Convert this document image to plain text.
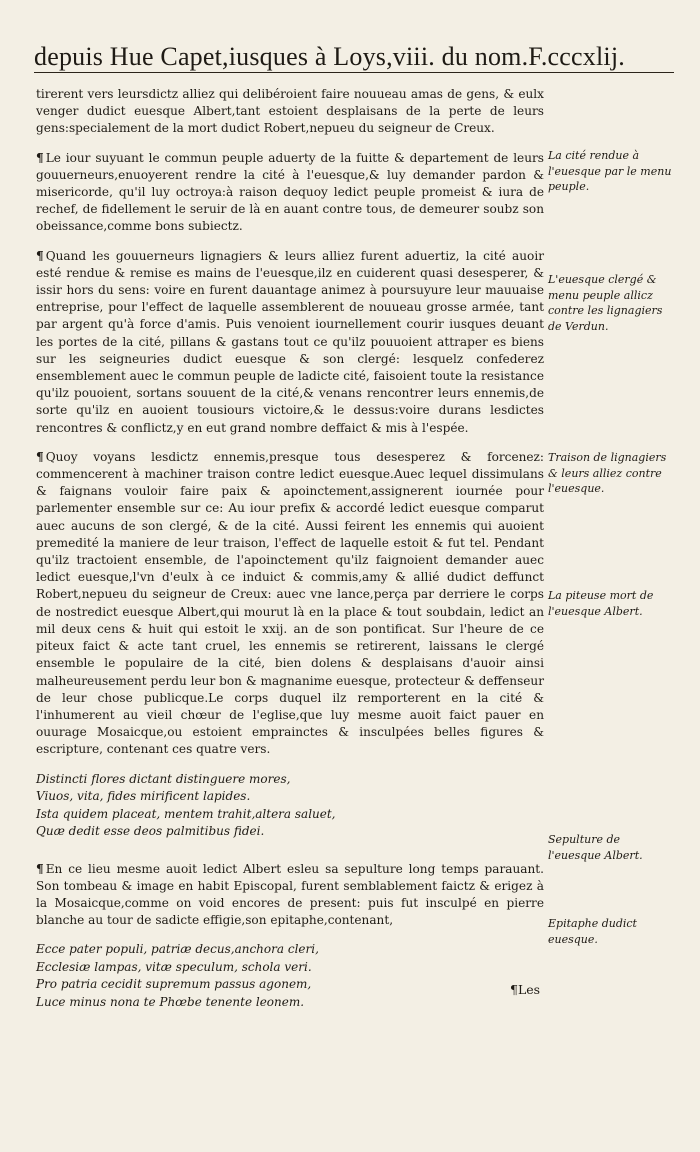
depuis Hue Capet,iusques à Loys,viii. du nom.F.cccxlij.

tirerent vers leursdictz alliez qui delibéroient faire nouueau amas de gens, & eulx venger dudict euesque Albert,tant estoient desplaisans de la perte de leurs gens:specialement de la mort dudict Robert,nepueu du seigneur de Creux.

¶ Le iour suyuant le commun peuple aduerty de la fuitte & departement de leurs gouuerneurs,enuoyerent rendre la cité à l'euesque,& luy demander pardon & misericorde, qu'il luy octroya:à raison dequoy ledict peuple promeist & iura de rechef, de fidellement le seruir de là en auant contre tous, de demeurer soubz son obeissance,comme bons subiectz.

¶ Quand les gouuerneurs lignagiers & leurs alliez furent aduertiz, la cité auoir esté rendue & remise es mains de l'euesque,ilz en cuiderent quasi desesperer, & issir hors du sens: voire en furent dauantage animez à poursuyure leur mauuaise entreprise, pour l'effect de laquelle assemblerent de nouueau grosse armée, tant par argent qu'à force d'amis. Puis venoient iournellement courir iusques deuant les portes de la cité, pillans & gastans tout ce qu'ilz pouuoient attraper es biens sur les seigneuries dudict euesque & son clergé: lesquelz confederez ensemblement auec le commun peuple de ladicte cité, faisoient toute la resistance qu'ilz pouoient, sortans souuent de la cité,& venans rencontrer leurs ennemis,de sorte qu'ilz en auoient tousiours victoire,& le dessus:voire durans lesdictes rencontres & conflictz,y en eut grand nombre deffaict & mis à l'espée.

¶ Quoy voyans lesdictz ennemis,presque tous desesperez & forcenez: commencerent à machiner traison contre ledict euesque.Auec lequel dissimulans & faignans vouloir faire paix & apoinctement,assignerent iournée pour parlementer ensemble sur ce: Au iour prefix & accordé ledict euesque comparut auec aucuns de son clergé, & de la cité. Aussi feirent les ennemis qui auoient premedité la maniere de leur traison, l'effect de laquelle estoit & fut tel. Pendant qu'ilz tractoient ensemble, de l'apoinctement qu'ilz faignoient demander auec ledict euesque,l'vn d'eulx à ce induict & commis,amy & allié dudict deffunct Robert,nepueu du seigneur de Creux: auec vne lance,perça par derriere le corps de nostredict euesque Albert,qui mourut là en la place & tout soubdain, ledict an mil deux cens & huit qui estoit le xxij. an de son pontificat. Sur l'heure de ce piteux faict & acte tant cruel, les ennemis se retirerent, laissans le clergé ensemble le populaire de la cité, bien dolens & desplaisans d'auoir ainsi malheureusement perdu leur bon & magnanime euesque, protecteur & deffenseur de leur chose publicque.Le corps duquel ilz remporterent en la cité & l'inhumerent au vieil chœur de l'eglise,que luy mesme auoit faict pauer en ouurage Mosaicque,ou estoient emprainctes & insculpées belles figures & escripture, contenant ces quatre vers.

Distincti flores dictant distinguere mores,
Viuos, vita, fides mirificent lapides.
Ista quidem placeat, mentem trahit,altera saluet,
Quæ dedit esse deos palmitibus fidei.

¶ En ce lieu mesme auoit ledict Albert esleu sa sepulture long temps parauant. Son tombeau & image en habit Episcopal, furent semblablement faictz & erigez à la Mosaicque,comme on void encores de present: puis fut insculpé en pierre blanche au tour de sadicte effigie,son epitaphe,contenant,

Ecce pater populi, patriæ decus,anchora cleri,
Ecclesiæ lampas, vitæ speculum, schola veri.
Pro patria cecidit supremum passus agonem,
Luce minus nona te Phœbe tenente leonem.
La cité rendue à l'euesque par le menu peuple.
L'euesque clergé & menu peuple allicz contre les lignagiers de Verdun.
Traison de lignagiers & leurs alliez contre l'euesque.
La piteuse mort de l'euesque Albert.
Sepulture de l'euesque Albert.
Epitaphe dudict euesque.
¶Les
